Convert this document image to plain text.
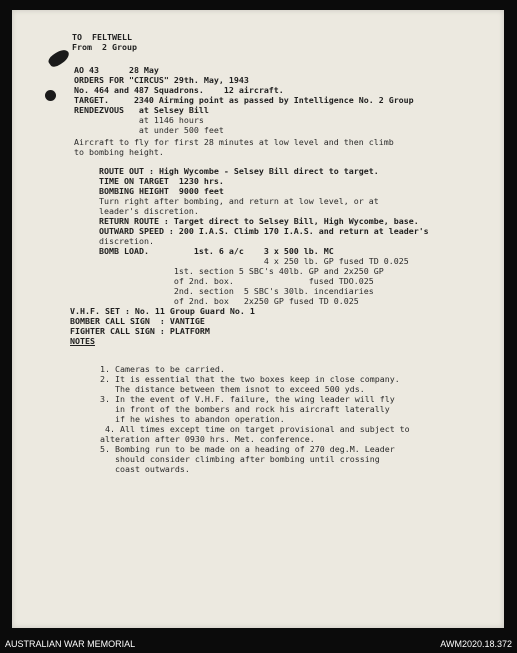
TO  FELTWELL

From  2 Group

AO 43      28 May

ORDERS FOR "CIRCUS" 29th. May, 1943

No. 464 and 487 Squadrons.    12 aircraft.

TARGET.     2340 Airming point as passed by Intelligence No. 2 Group

RENDEZVOUS   at Selsey Bill

at 1146 hours

at under 500 feet

Aircraft to fly for first 28 minutes at low level and then climb

to bombing height.

ROUTE OUT : High Wycombe - Selsey Bill direct to target.

TIME ON TARGET  1230 hrs.

BOMBING HEIGHT  9000 feet

Turn right after bombing, and return at low level, or at

leader's discretion.

RETURN ROUTE : Target direct to Selsey Bill, High Wycombe, base.

OUTWARD SPEED : 200 I.A.S. Climb 170 I.A.S. and return at leader's

discretion.

BOMB LOAD.         1st. 6 a/c    3 x 500 lb. MC

4 x 250 lb. GP fused TD 0.025

1st. section 5 SBC's 40lb. GP and 2x250 GP

of 2nd. box.               fused TDO.025

2nd. section  5 SBC's 30lb. incendiaries

of 2nd. box   2x250 GP fused TD 0.025

V.H.F. SET : No. 11 Group Guard No. 1

BOMBER CALL SIGN  : VANTIGE

FIGHTER CALL SIGN : PLATFORM

NOTES

1. Cameras to be carried.

2. It is essential that the two boxes keep in close company.

The distance between them isnot to exceed 500 yds.

3. In the event of V.H.F. failure, the wing leader will fly

in front of the bombers and rock his aircraft laterally

if he wishes to abandon operation.

4. All times except time on target provisional and subject to

alteration after 0930 hrs. Met. conference.

5. Bombing run to be made on a heading of 270 deg.M. Leader

should consider climbing after bombing until crossing

coast outwards.

AUSTRALIAN WAR MEMORIAL	AWM2020.18.372
